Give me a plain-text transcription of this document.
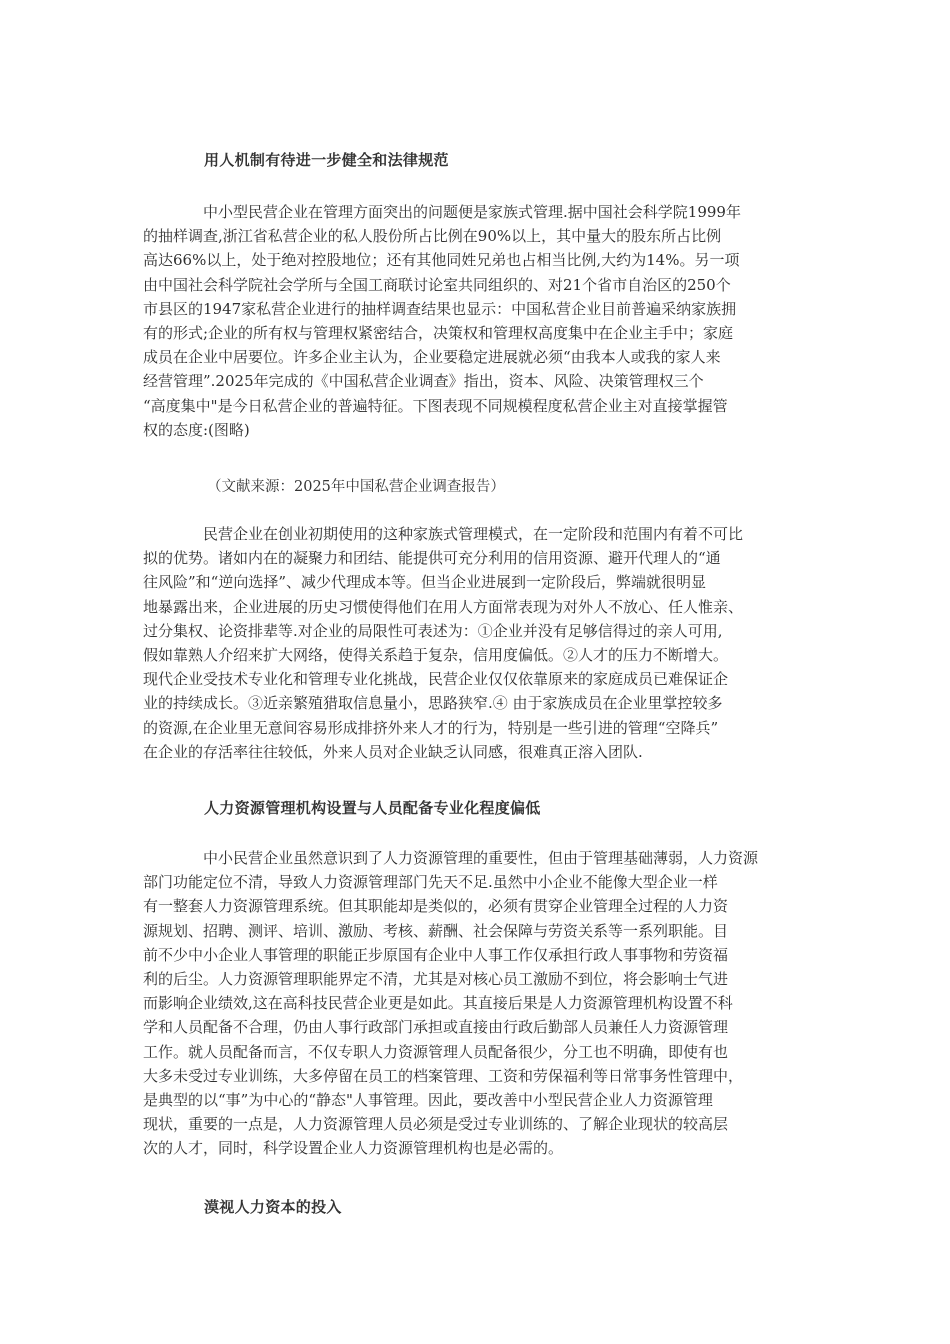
用人机制有待进一步健全和法律规范
中小型民营企业在管理方面突出的问题便是家族式管理.据中国社会科学院1999年
的抽样调查,浙江省私营企业的私人股份所占比例在90%以上，其中量大的股东所占比例
高达66%以上，处于绝对控股地位；还有其他同姓兄弟也占相当比例,大约为14%。另一项
由中国社会科学院社会学所与全国工商联讨论室共同组织的、对21个省市自治区的250个
市县区的1947家私营企业进行的抽样调查结果也显示：中国私营企业目前普遍采纳家族拥
有的形式;企业的所有权与管理权紧密结合，决策权和管理权高度集中在企业主手中；家庭
成员在企业中居要位。许多企业主认为，企业要稳定进展就必须“由我本人或我的家人来
经营管理”.2025年完成的《中国私营企业调查》指出，资本、风险、决策管理权三个
“高度集中"是今日私营企业的普遍特征。下图表现不同规模程度私营企业主对直接掌握管
权的态度:(图略)
（文献来源：2025年中国私营企业调查报告）
民营企业在创业初期使用的这种家族式管理模式，在一定阶段和范围内有着不可比
拟的优势。诸如内在的凝聚力和团结、能提供可充分利用的信用资源、避开代理人的“通
往风险”和“逆向选择”、减少代理成本等。但当企业进展到一定阶段后，弊端就很明显
地暴露出来，企业进展的历史习惯使得他们在用人方面常表现为对外人不放心、任人惟亲、
过分集权、论资排辈等.对企业的局限性可表述为：①企业并没有足够信得过的亲人可用,
假如靠熟人介绍来扩大网络，使得关系趋于复杂，信用度偏低。②人才的压力不断增大。
现代企业受技术专业化和管理专业化挑战，民营企业仅仅依靠原来的家庭成员已难保证企
业的持续成长。③近亲繁殖猎取信息量小，思路狭窄.④ 由于家族成员在企业里掌控较多
的资源,在企业里无意间容易形成排挤外来人才的行为，特别是一些引进的管理“空降兵”
在企业的存活率往往较低，外来人员对企业缺乏认同感，很难真正溶入团队.
人力资源管理机构设置与人员配备专业化程度偏低
中小民营企业虽然意识到了人力资源管理的重要性，但由于管理基础薄弱，人力资源
部门功能定位不清，导致人力资源管理部门先天不足.虽然中小企业不能像大型企业一样
有一整套人力资源管理系统。但其职能却是类似的，必须有贯穿企业管理全过程的人力资
源规划、招聘、测评、培训、激励、考核、薪酬、社会保障与劳资关系等一系列职能。目
前不少中小企业人事管理的职能正步原国有企业中人事工作仅承担行政人事事物和劳资福
利的后尘。人力资源管理职能界定不清，尤其是对核心员工激励不到位，将会影响士气进
而影响企业绩效,这在高科技民营企业更是如此。其直接后果是人力资源管理机构设置不科
学和人员配备不合理，仍由人事行政部门承担或直接由行政后勤部人员兼任人力资源管理
工作。就人员配备而言，不仅专职人力资源管理人员配备很少，分工也不明确，即使有也
大多未受过专业训练，大多停留在员工的档案管理、工资和劳保福利等日常事务性管理中，
是典型的以“事”为中心的“静态"人事管理。因此，要改善中小型民营企业人力资源管理
现状，重要的一点是，人力资源管理人员必须是受过专业训练的、了解企业现状的较高层
次的人才，同时，科学设置企业人力资源管理机构也是必需的。
漠视人力资本的投入
